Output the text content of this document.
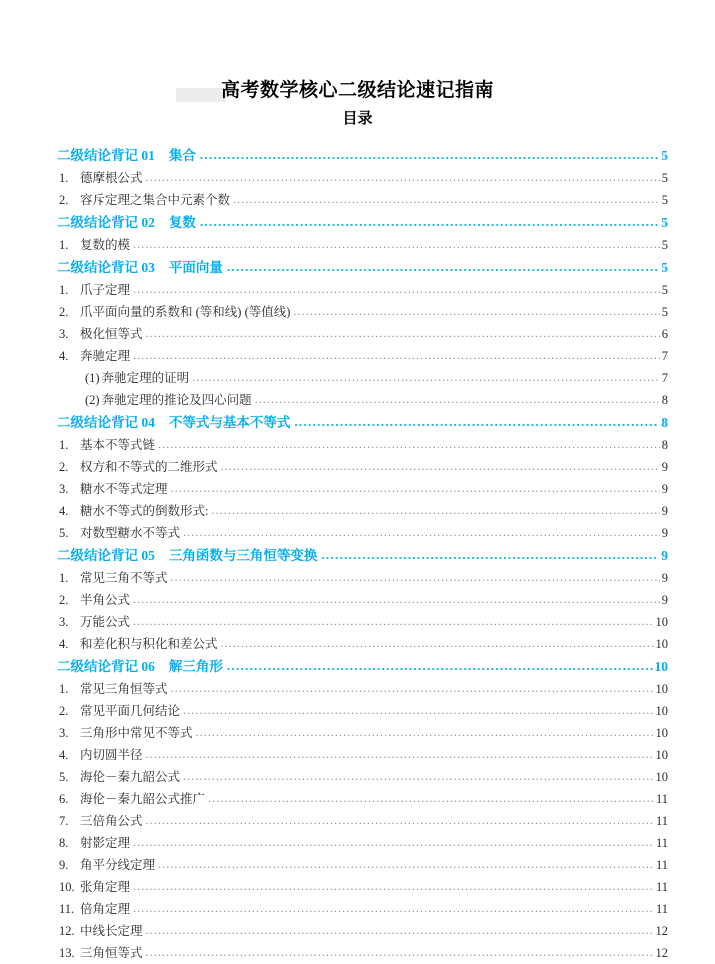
高考数学核心二级结论速记指南
目录
二级结论背记 01	集合 .....	5
1. 德摩根公式 .....	5
2. 容斥定理之集合中元素个数 .....	5
二级结论背记 02	复数 .....	5
1. 复数的模 .....	5
二级结论背记 03	平面向量 .....	5
1. 爪子定理 .....	5
2. 爪平面向量的系数和 (等和线) (等值线) .....	5
3. 极化恒等式 .....	6
4. 奔驰定理 .....	7
(1) 奔驰定理的证明 .....	7
(2) 奔驰定理的推论及四心问题 .....	8
二级结论背记 04	不等式与基本不等式 .....	8
1. 基本不等式链 .....	8
2. 权方和不等式的二维形式 .....	9
3. 糖水不等式定理 .....	9
4. 糖水不等式的倒数形式: .....	9
5. 对数型糖水不等式 .....	9
二级结论背记 05	三角函数与三角恒等变换 .....	9
1. 常见三角不等式 .....	9
2. 半角公式 .....	9
3. 万能公式 .....	10
4. 和差化积与积化和差公式 .....	10
二级结论背记 06	解三角形 .....	10
1. 常见三角恒等式 .....	10
2. 常见平面几何结论 .....	10
3. 三角形中常见不等式 .....	10
4. 内切圆半径 .....	10
5. 海伦－秦九韶公式 .....	10
6. 海伦－秦九韶公式推广 .....	11
7. 三倍角公式 .....	11
8. 射影定理 .....	11
9. 角平分线定理 .....	11
10. 张角定理 .....	11
11. 倍角定理 .....	11
12. 中线长定理 .....	12
13. 三角恒等式 .....	12
